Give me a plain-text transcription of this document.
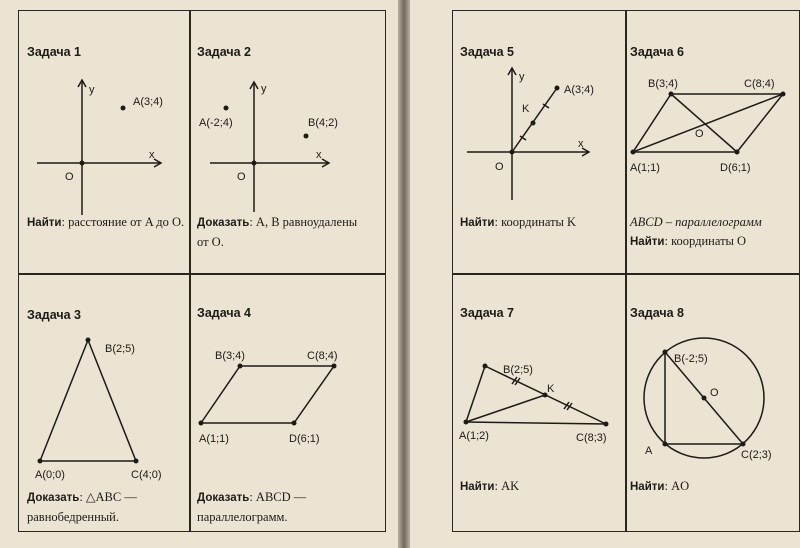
Задача 1
A(3;4)
y
x
O
Найти: расстояние от A до O.
Задача 2
A(-2;4)	B(4;2)
y
x
O
Доказать: A, B равноудалены от O.
Задача 3
B(2;5)
A(0;0)	C(4;0)
Доказать: △ABC — равнобедренный.
Задача 4
B(3;4)	C(8;4)
A(1;1)	D(6;1)
Доказать: ABCD — параллелограмм.
Задача 5
A(3;4)
K
y
x
O
Найти: координаты K
Задача 6
B(3;4)	C(8;4)
A(1;1)	D(6;1)
O
ABCD – параллелограмм
Найти: координаты O
Задача 7
B(2;5)
K
A(1;2)	C(8;3)
Найти: AK
Задача 8
B(-2;5)
O
A	C(2;3)
Найти: AO
